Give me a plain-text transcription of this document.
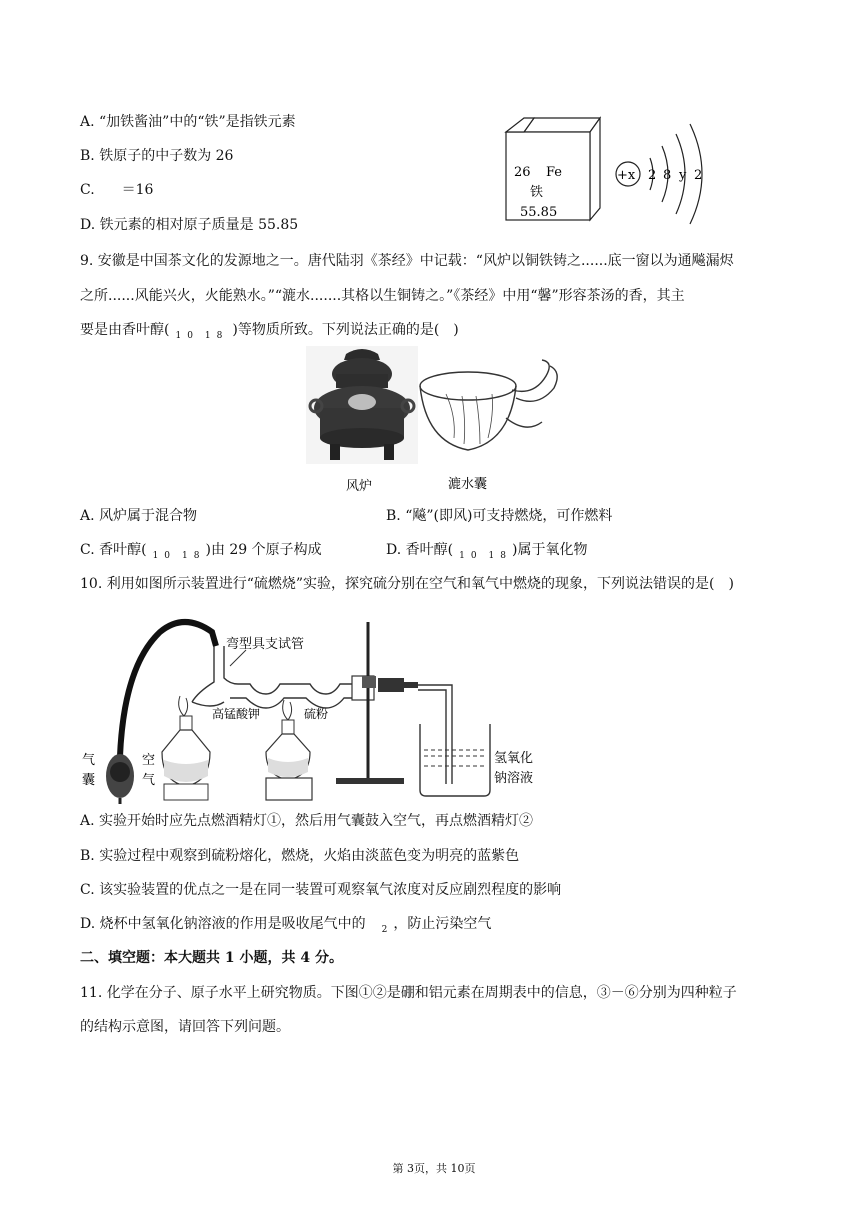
A. “加铁酱油”中的“铁”是指铁元素
B. 铁原子的中子数为 26
C. ＝16
D. 铁元素的相对原子质量是 55.85
26 Fe
铁
55.85
+x 2 8 y 2
9. 安徽是中国茶文化的发源地之一。唐代陆羽《茶经》中记载：“风炉以铜铁铸之......底一窗以为通飚漏烬
之所......风能兴火，火能熟水。”“漉水.......其格以生铜铸之。”《茶经》中用“馨”形容茶汤的香，其主
要是由香叶醇( $_{10}$ $_{18}$ )等物质所致。下列说法正确的是(　)
风炉	漉水囊
A. 风炉属于混合物	B. “飚”(即风)可支持燃烧，可作燃料
C. 香叶醇( $_{10}$ $_{18}$)由 29 个原子构成	D. 香叶醇( $_{10}$ $_{18}$)属于氧化物
10. 利用如图所示装置进行“硫燃烧”实验，探究硫分别在空气和氧气中燃烧的现象，下列说法错误的是(　)
气
囊
空
气
弯型具支试管
高锰酸钾	硫粉
氢氧化
钠溶液
A. 实验开始时应先点燃酒精灯①，然后用气囊鼓入空气，再点燃酒精灯②
B. 实验过程中观察到硫粉熔化，燃烧，火焰由淡蓝色变为明亮的蓝紫色
C. 该实验装置的优点之一是在同一装置可观察氧气浓度对反应剧烈程度的影响
D. 烧杯中氢氧化钠溶液的作用是吸收尾气中的 $_2$，防止污染空气
二、填空题：本大题共 1 小题，共 4 分。
11. 化学在分子、原子水平上研究物质。下图①②是硼和铝元素在周期表中的信息，③－⑥分别为四种粒子
的结构示意图，请回答下列问题。
第 3页，共 10页
